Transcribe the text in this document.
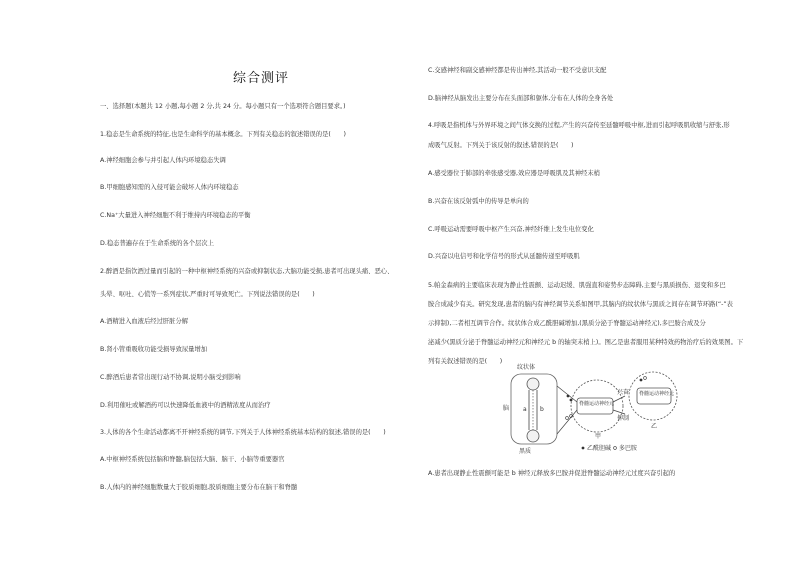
综合测评
一、选择题(本题共 12 小题,每小题 2 分,共 24 分。每小题只有一个选项符合题目要求。)
1.稳态是生命系统的特征,也是生命科学的基本概念。下列有关稳态的叙述错误的是(　　)
A.神经细胞会参与并引起人体内环境稳态失调
B.甲细胞感知需的入侵可能会破坏人体内环境稳态
C.Na⁺大量进入神经细胞不利于维持内环境稳态的平衡
D.稳态普遍存在于生命系统的各个层次上
2.醉酒是指饮酒过量而引起的一种中枢神经系统的兴奋或抑制状态,大脑功能受损,患者可出现头痛、恶心、
头晕、呕吐、心慌等一系列症状,严重时可导致死亡。下列说法错误的是(　　)
A.酒精进入血液后经过肝脏分解
B.肾小管重吸收功能受损导致尿量增加
C.醉酒后患者常出现行动不协调,说明小脑受到影响
D.利用催吐或解酒药可以快速降低血液中的酒精浓度从而治疗
3.人体的各个生命活动都离不开神经系统的调节,下列关于人体神经系统基本结构的叙述,错误的是(　　)
A.中枢神经系统包括脑和脊髓,脑包括大脑、脑干、小脑等重要器官
B.人体内的神经细胞数量大于胶质细胞,胶质细胞主要分布在脑干和脊髓
C.交感神经和副交感神经都是传出神经,其活动一般不受意识支配
D.脑神经从脑发出主要分布在头面部和躯体,分布在人体的全身各处
4.呼吸是指机体与外界环境之间气体交换的过程,产生的兴奋传至延髓呼吸中枢,进而引起呼吸肌收缩与舒张,形
成吸气反射。下列关于该反射的叙述,错误的是(　　)
A.感受器位于肺部的牵张感受器,效应器是呼吸肌及其神经末梢
B.兴奋在该反射弧中的传导是单向的
C.呼吸运动需要呼吸中枢产生兴奋,神经纤维上发生电位变化
D.兴奋以电信号和化学信号的形式从延髓传递至呼吸肌
5.帕金森病的主要临床表现为静止性震颤、运动迟缓、肌强直和姿势步态障碍,主要与黑质损伤、退变和多巴
胺合成减少有关。研究发现,患者的脑内有神经调节关系如图甲,其脑内的纹状体与黑质之间存在调节环路(“-”表
示抑制),二者相互调节合作。纹状体合成乙酰胆碱增加,(黑质分泌于脊髓运动神经元),多巴胺合成及分
泌减少(黑质分泌于脊髓运动神经元和神经元 b 的轴突末梢上)。图乙是患者服用某种特效药物治疗后的效果图。下
列有关叙述错误的是(　　)
A.患者出现静止性震颤可能是 b 神经元释放多巴胺并促进脊髓运动神经元过度兴奋引起的
纹状体
脑 a b
黑质
脊髓运动神经元
脊髓运动神经元
兴奋
抑制
甲
乙
乙酰胆碱 多巴胺
